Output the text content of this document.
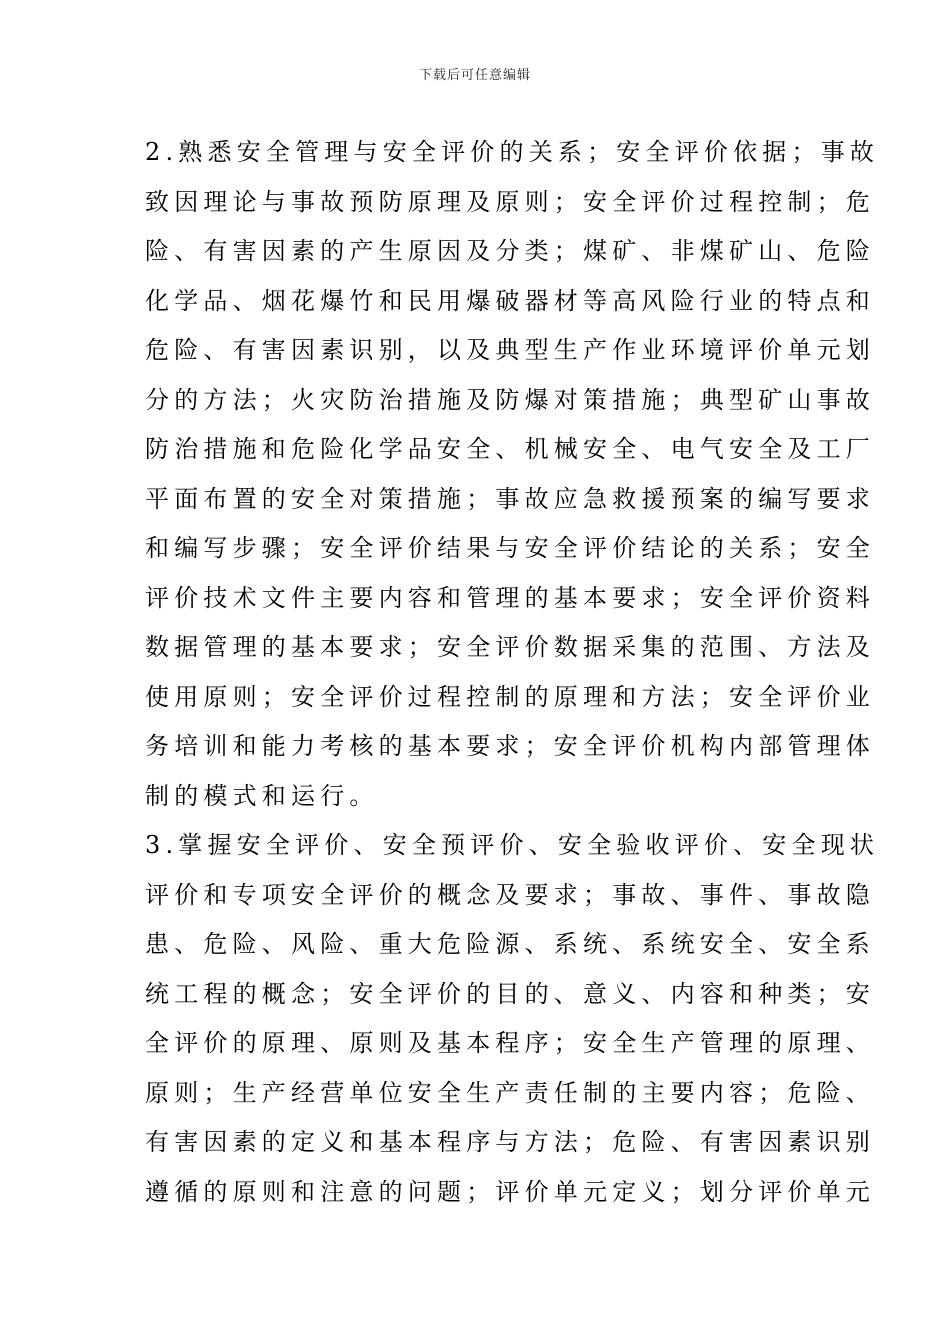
下载后可任意编辑
2.熟悉安全管理与安全评价的关系；安全评价依据；事故
致因理论与事故预防原理及原则；安全评价过程控制；危
险、有害因素的产生原因及分类；煤矿、非煤矿山、危险
化学品、烟花爆竹和民用爆破器材等高风险行业的特点和
危险、有害因素识别，以及典型生产作业环境评价单元划
分的方法；火灾防治措施及防爆对策措施；典型矿山事故
防治措施和危险化学品安全、机械安全、电气安全及工厂
平面布置的安全对策措施；事故应急救援预案的编写要求
和编写步骤；安全评价结果与安全评价结论的关系；安全
评价技术文件主要内容和管理的基本要求；安全评价资料
数据管理的基本要求；安全评价数据采集的范围、方法及
使用原则；安全评价过程控制的原理和方法；安全评价业
务培训和能力考核的基本要求；安全评价机构内部管理体
制的模式和运行。
3.掌握安全评价、安全预评价、安全验收评价、安全现状
评价和专项安全评价的概念及要求；事故、事件、事故隐
患、危险、风险、重大危险源、系统、系统安全、安全系
统工程的概念；安全评价的目的、意义、内容和种类；安
全评价的原理、原则及基本程序；安全生产管理的原理、
原则；生产经营单位安全生产责任制的主要内容；危险、
有害因素的定义和基本程序与方法；危险、有害因素识别
遵循的原则和注意的问题；评价单元定义；划分评价单元
